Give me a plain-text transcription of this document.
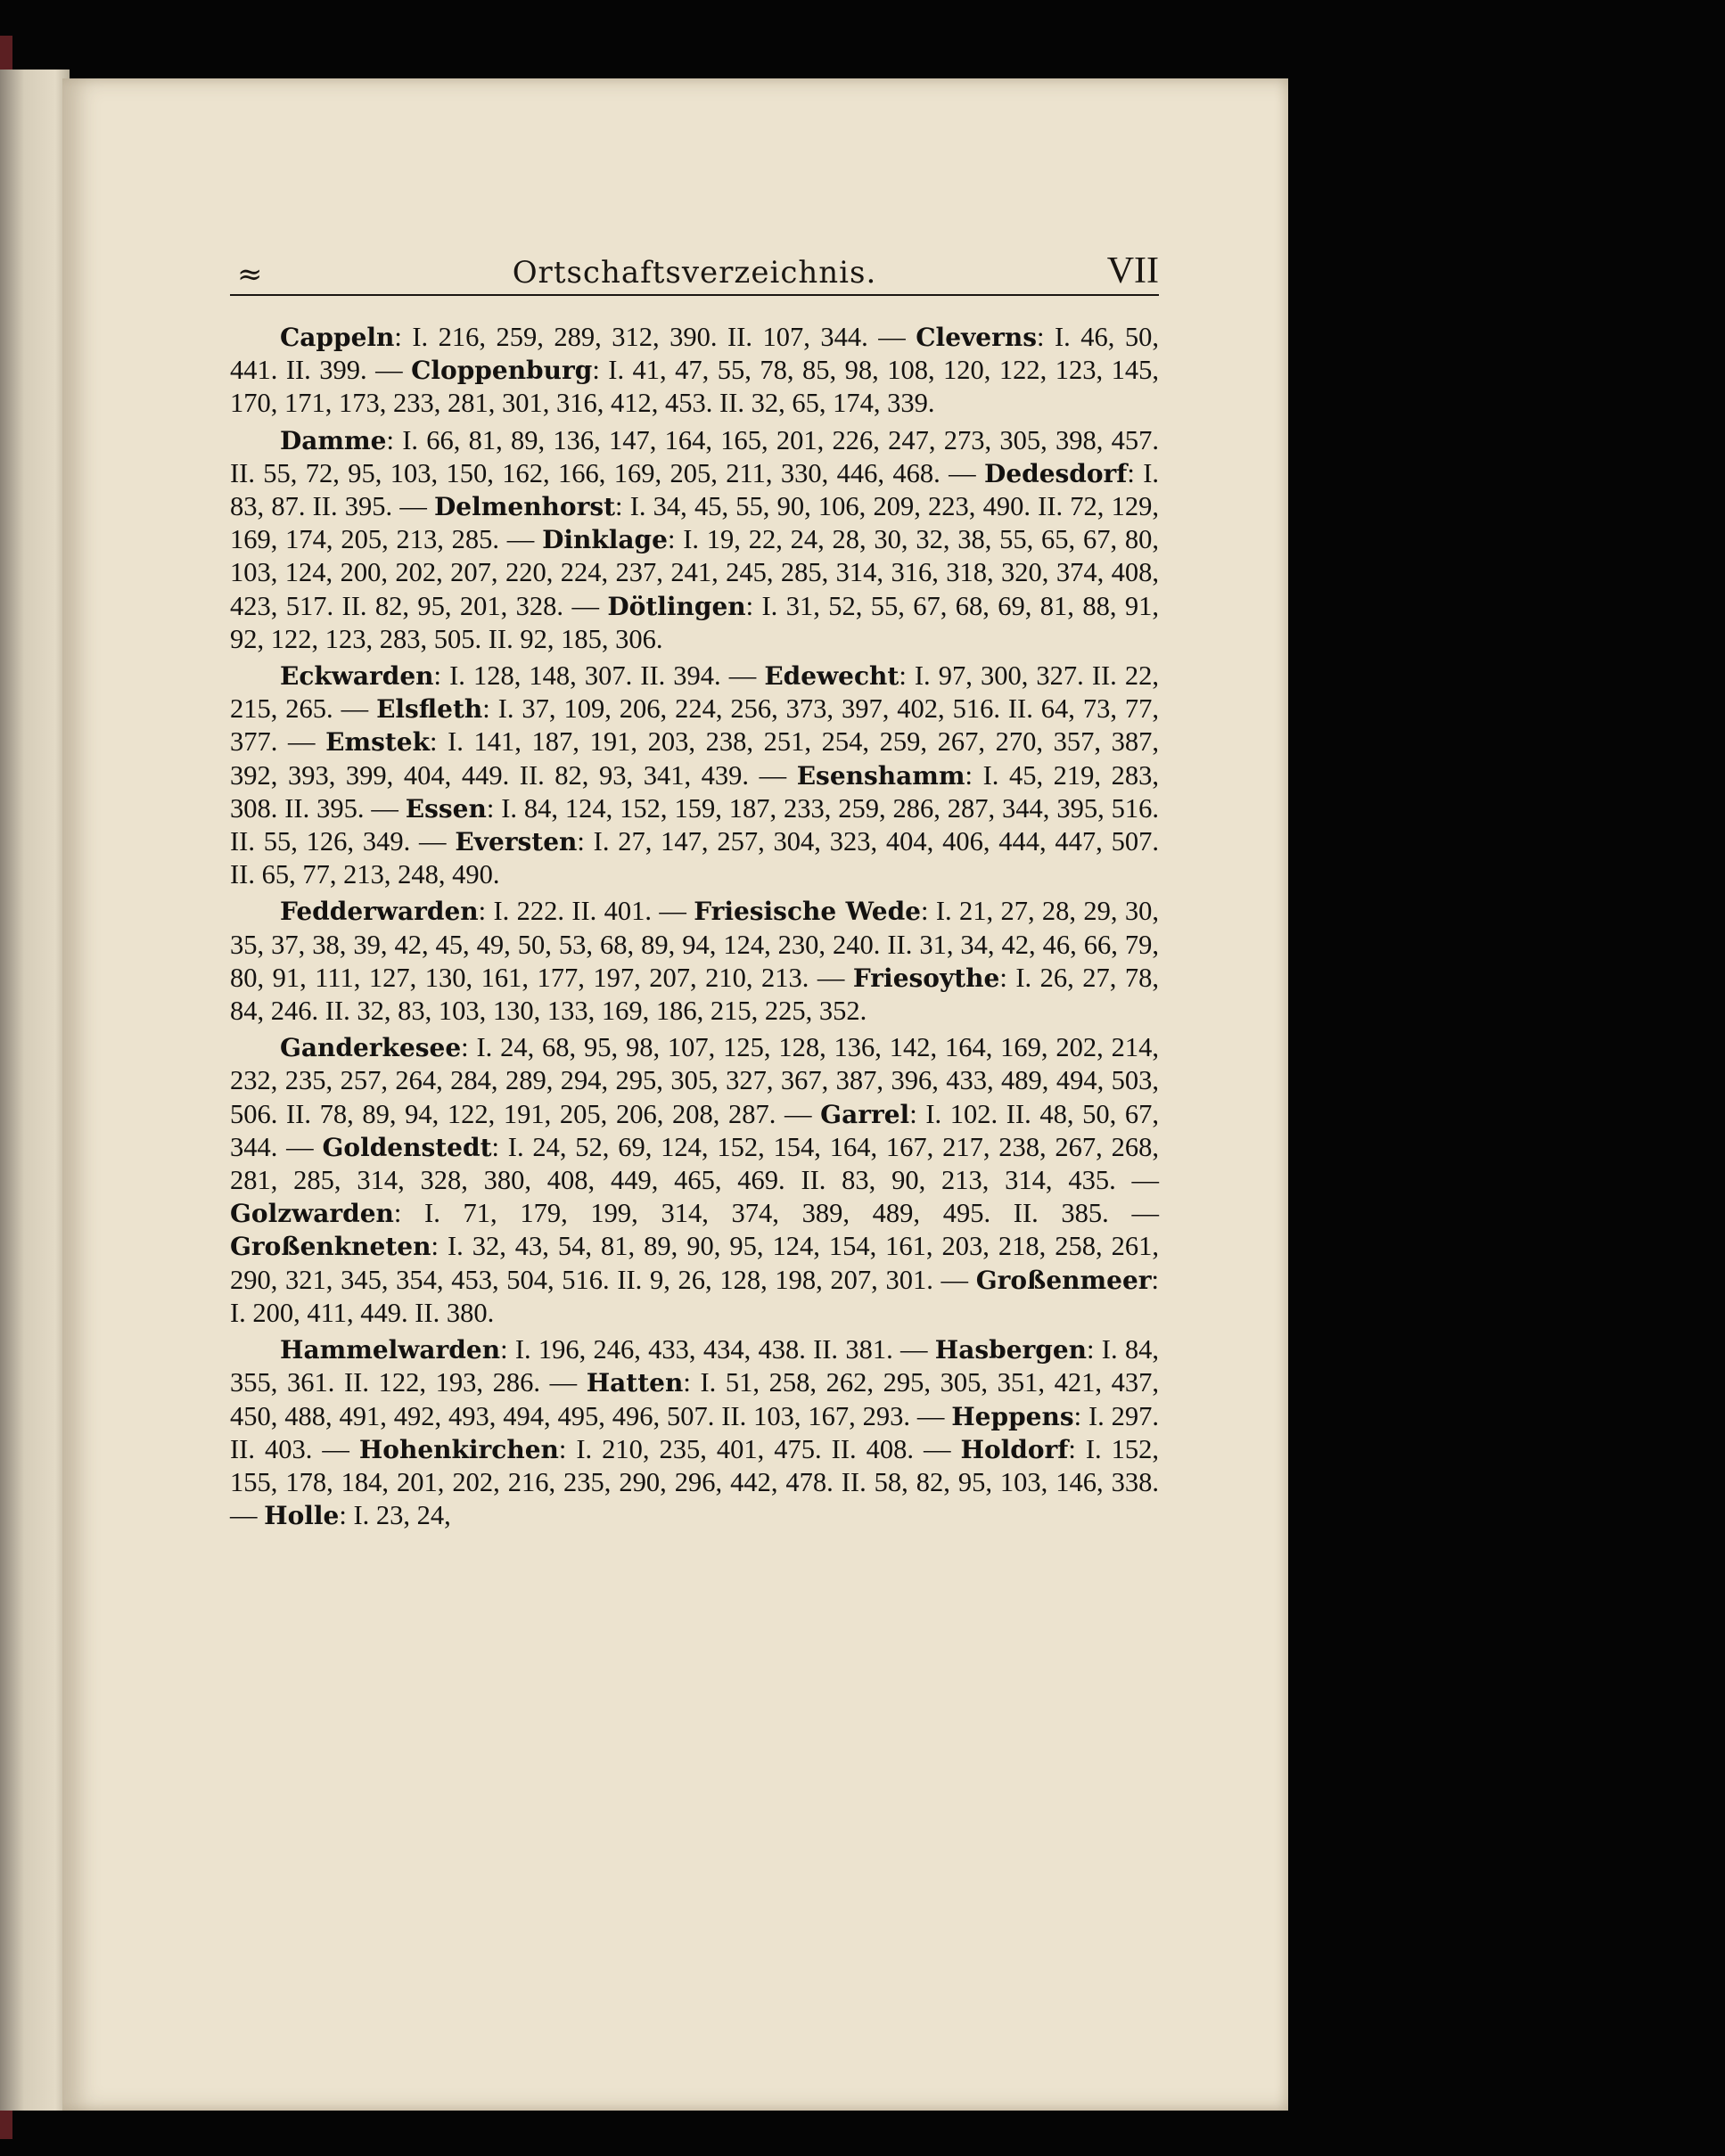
≈	Ortschaftsverzeichnis.	VII

Cappeln: I. 216, 259, 289, 312, 390. II. 107, 344. — Cleverns: I. 46, 50, 441. II. 399. — Cloppenburg: I. 41, 47, 55, 78, 85, 98, 108, 120, 122, 123, 145, 170, 171, 173, 233, 281, 301, 316, 412, 453. II. 32, 65, 174, 339.

Damme: I. 66, 81, 89, 136, 147, 164, 165, 201, 226, 247, 273, 305, 398, 457. II. 55, 72, 95, 103, 150, 162, 166, 169, 205, 211, 330, 446, 468. — Dedesdorf: I. 83, 87. II. 395. — Delmenhorst: I. 34, 45, 55, 90, 106, 209, 223, 490. II. 72, 129, 169, 174, 205, 213, 285. — Dinklage: I. 19, 22, 24, 28, 30, 32, 38, 55, 65, 67, 80, 103, 124, 200, 202, 207, 220, 224, 237, 241, 245, 285, 314, 316, 318, 320, 374, 408, 423, 517. II. 82, 95, 201, 328. — Dötlingen: I. 31, 52, 55, 67, 68, 69, 81, 88, 91, 92, 122, 123, 283, 505. II. 92, 185, 306.

Eckwarden: I. 128, 148, 307. II. 394. — Edewecht: I. 97, 300, 327. II. 22, 215, 265. — Elsfleth: I. 37, 109, 206, 224, 256, 373, 397, 402, 516. II. 64, 73, 77, 377. — Emstek: I. 141, 187, 191, 203, 238, 251, 254, 259, 267, 270, 357, 387, 392, 393, 399, 404, 449. II. 82, 93, 341, 439. — Esenshamm: I. 45, 219, 283, 308. II. 395. — Essen: I. 84, 124, 152, 159, 187, 233, 259, 286, 287, 344, 395, 516. II. 55, 126, 349. — Eversten: I. 27, 147, 257, 304, 323, 404, 406, 444, 447, 507. II. 65, 77, 213, 248, 490.

Fedderwarden: I. 222. II. 401. — Friesische Wede: I. 21, 27, 28, 29, 30, 35, 37, 38, 39, 42, 45, 49, 50, 53, 68, 89, 94, 124, 230, 240. II. 31, 34, 42, 46, 66, 79, 80, 91, 111, 127, 130, 161, 177, 197, 207, 210, 213. — Friesoythe: I. 26, 27, 78, 84, 246. II. 32, 83, 103, 130, 133, 169, 186, 215, 225, 352.

Ganderkesee: I. 24, 68, 95, 98, 107, 125, 128, 136, 142, 164, 169, 202, 214, 232, 235, 257, 264, 284, 289, 294, 295, 305, 327, 367, 387, 396, 433, 489, 494, 503, 506. II. 78, 89, 94, 122, 191, 205, 206, 208, 287. — Garrel: I. 102. II. 48, 50, 67, 344. — Goldenstedt: I. 24, 52, 69, 124, 152, 154, 164, 167, 217, 238, 267, 268, 281, 285, 314, 328, 380, 408, 449, 465, 469. II. 83, 90, 213, 314, 435. — Golzwarden: I. 71, 179, 199, 314, 374, 389, 489, 495. II. 385. — Großenkneten: I. 32, 43, 54, 81, 89, 90, 95, 124, 154, 161, 203, 218, 258, 261, 290, 321, 345, 354, 453, 504, 516. II. 9, 26, 128, 198, 207, 301. — Großenmeer: I. 200, 411, 449. II. 380.

Hammelwarden: I. 196, 246, 433, 434, 438. II. 381. — Hasbergen: I. 84, 355, 361. II. 122, 193, 286. — Hatten: I. 51, 258, 262, 295, 305, 351, 421, 437, 450, 488, 491, 492, 493, 494, 495, 496, 507. II. 103, 167, 293. — Heppens: I. 297. II. 403. — Hohenkirchen: I. 210, 235, 401, 475. II. 408. — Holdorf: I. 152, 155, 178, 184, 201, 202, 216, 235, 290, 296, 442, 478. II. 58, 82, 95, 103, 146, 338. — Holle: I. 23, 24,
